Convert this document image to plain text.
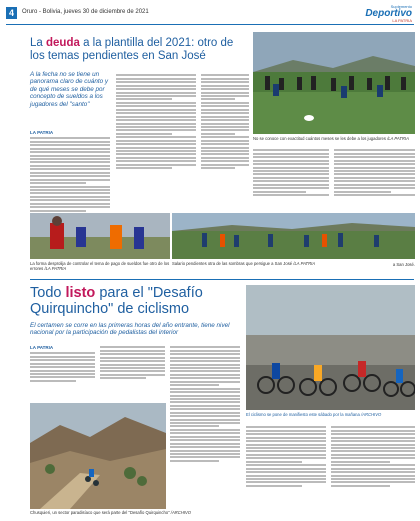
4	Oruro - Bolivia, jueves 30 de diciembre de 2021
Suplemento
Deportivo
LA PATRIA
La deuda a la plantilla del 2021: otro de los temas pendientes en San José
A la fecha no se tiene un panorama claro de cuánto y de qué meses se debe por concepto de sueldos a los jugadores del "santo"
LA PATRIA
No se conoce con exactitud cuántos meses se les debe a los jugadores /LA PATRIA
La forma desprolija de controlar el tema de pago de sueldos fue otro de los errores /LA PATRIA
Salario pendientes otra de las sombras que persigue a San José /LA PATRIA	a San José.
Todo listo para el "Desafío Quirquincho" de ciclismo
El certamen se corre en las primeras horas del año entrante, tiene nivel nacional por la participación de pedalistas del interior
LA PATRIA
Chusquieri, un sector paradisíaco que será parte del "Desafío Quirquincho" /ARCHIVO
El ciclismo se pone de manifiesto este sábado por la mañana /ARCHIVO
